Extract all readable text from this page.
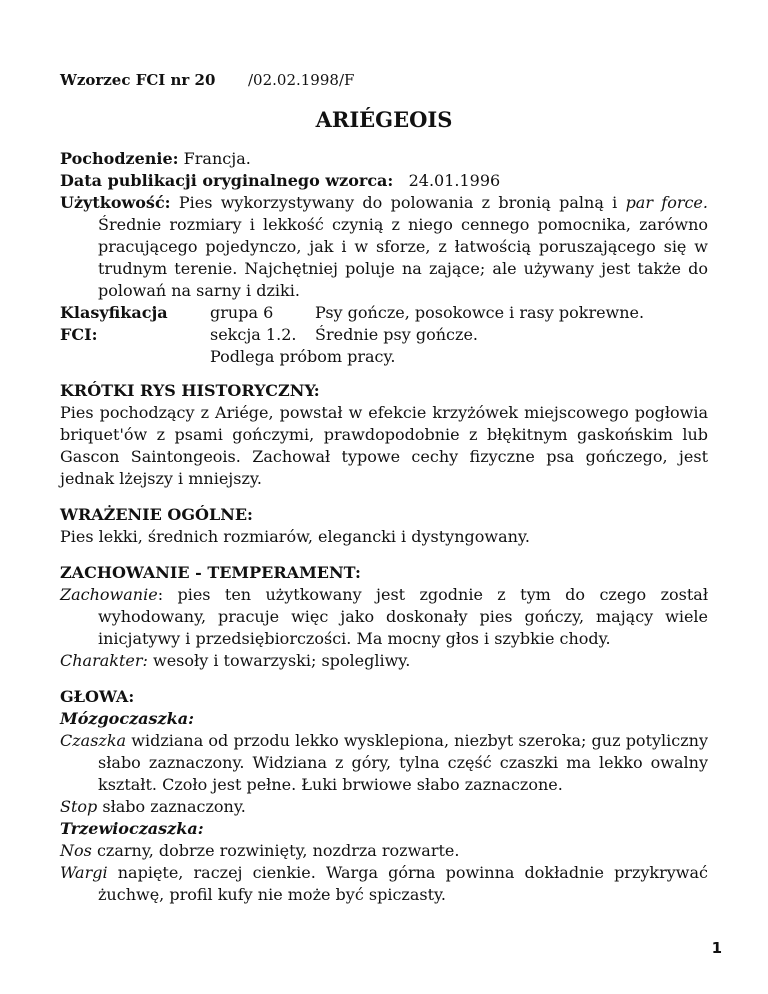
Wzorzec FCI nr 20 /02.02.1998/F
ARIÉGEOIS

Pochodzenie: Francja.

Data publikacji oryginalnego wzorca: 24.01.1996

Użytkowość: Pies wykorzystywany do polowania z bronią palną i par force. Średnie rozmiary i lekkość czynią z niego cennego pomocnika, zarówno pracującego pojedynczo, jak i w sforze, z łatwością poruszającego się w trudnym terenie. Najchętniej poluje na zające; ale używany jest także do polowań na sarny i dziki.

Klasyfikacja FCI:
grupa 6	Psy gończe, posokowce i rasy pokrewne.
sekcja 1.2.	Średnie psy gończe.
Podlega próbom pracy.
KRÓTKI RYS HISTORYCZNY:

Pies pochodzący z Ariége, powstał w efekcie krzyżówek miejscowego pogłowia briquet'ów z psami gończymi, prawdopodobnie z błękitnym gaskońskim lub Gascon Saintongeois. Zachował typowe cechy fizyczne psa gończego, jest jednak lżejszy i mniejszy.

WRAŻENIE OGÓLNE:

Pies lekki, średnich rozmiarów, elegancki i dystyngowany.

ZACHOWANIE - TEMPERAMENT:

Zachowanie: pies ten użytkowany jest zgodnie z tym do czego został wyhodowany, pracuje więc jako doskonały pies gończy, mający wiele inicjatywy i przedsiębiorczości. Ma mocny głos i szybkie chody.

Charakter: wesoły i towarzyski; spolegliwy.

GŁOWA:

Mózgoczaszka:

Czaszka widziana od przodu lekko wysklepiona, niezbyt szeroka; guz potyliczny słabo zaznaczony. Widziana z góry, tylna część czaszki ma lekko owalny kształt. Czoło jest pełne. Łuki brwiowe słabo zaznaczone.

Stop słabo zaznaczony.

Trzewioczaszka:

Nos czarny, dobrze rozwinięty, nozdrza rozwarte.

Wargi napięte, raczej cienkie. Warga górna powinna dokładnie przykrywać żuchwę, profil kufy nie może być spiczasty.

1
